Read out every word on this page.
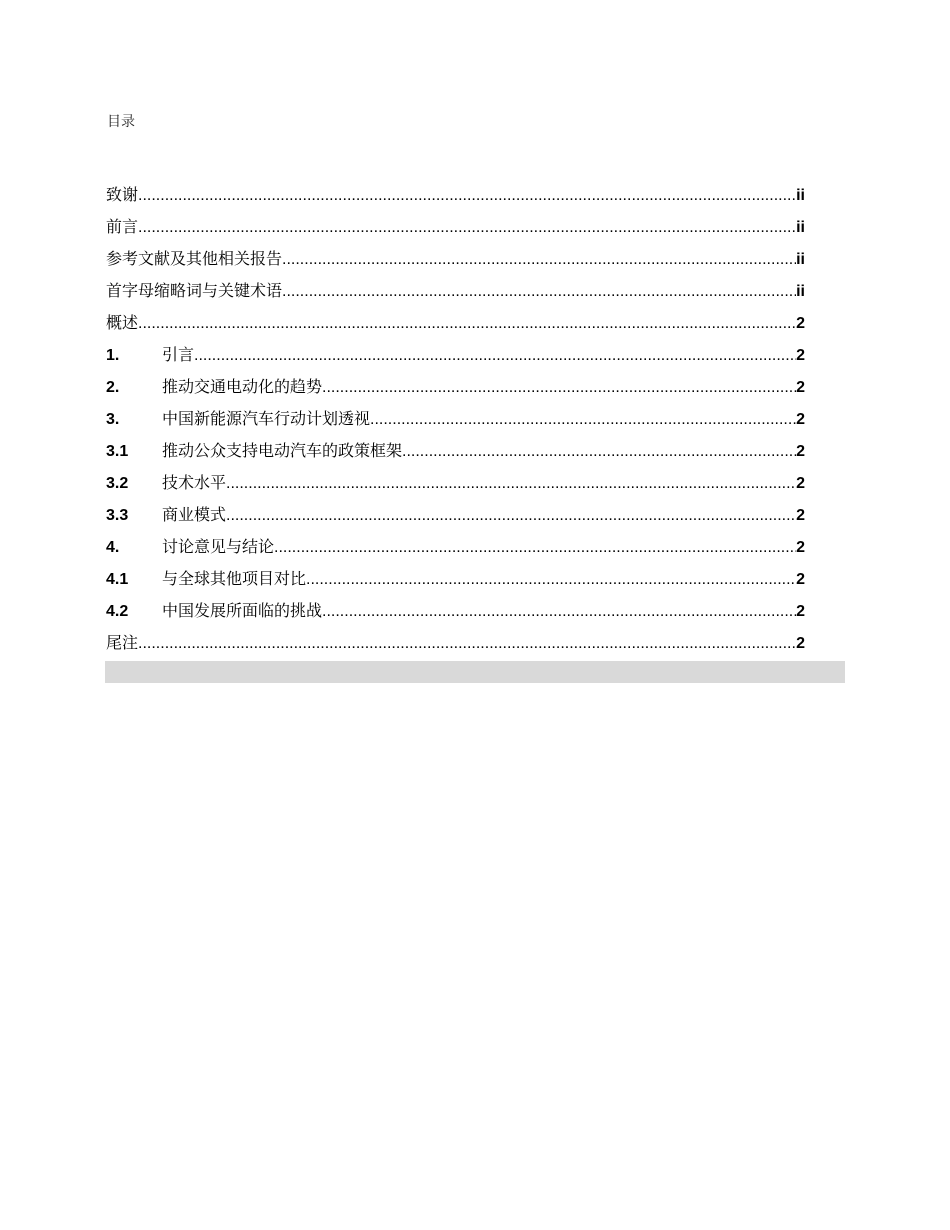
目录
致谢 .....	ii
前言 .....	ii
参考文献及其他相关报告 .....	ii
首字母缩略词与关键术语 .....	ii
概述 .....	2
1.	引言 .....	2
2.	推动交通电动化的趋势 .....	2
3.	中国新能源汽车行动计划透视 .....	2
3.1	推动公众支持电动汽车的政策框架 .....	2
3.2	技术水平 .....	2
3.3	商业模式 .....	2
4.	讨论意见与结论 .....	2
4.1	与全球其他项目对比 .....	2
4.2	中国发展所面临的挑战 .....	2
尾注 .....	2
